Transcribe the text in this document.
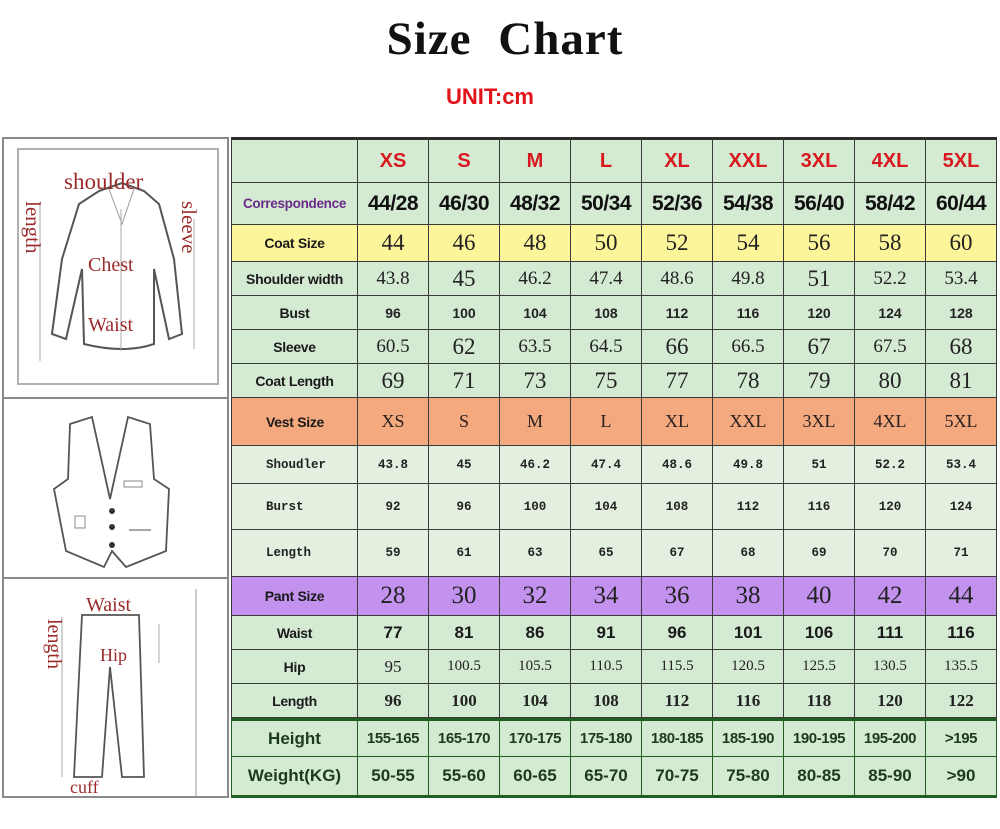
Size Chart
UNIT:cm
shoulder
length	sleeve
Chest
Waist
Waist
length Hip
cuff
XS	S	M	L	XL	XXL	3XL	4XL	5XL
Correspondence	44/28 46/30 48/32 50/34 52/36 54/38 56/40 58/42 60/44
Coat Size	44	46	48	50	52	54	56	58	60
Shoulder width	43.8	45	46.2	47.4	48.6	49.8	51	52.2	53.4
Bust	96	100	104	108	112	116	120	124	128
Sleeve	60.5	62	63.5	64.5	66	66.5	67	67.5	68
Coat Length	69	71	73	75	77	78	79	80	81
Vest Size	XS	S	M	L	XL	XXL	3XL	4XL	5XL
Shoudler	43.8	45	46.2	47.4	48.6	49.8	51	52.2	53.4
Burst	92	96	100	104	108	112	116	120	124
Length	59	61	63	65	67	68	69	70	71
Pant Size	28	30	32	34	36	38	40	42	44
Waist	77	81	86	91	96	101	106	111	116
Hip	95	100.5	105.5	110.5	115.5	120.5	125.5	130.5	135.5
Length	96	100	104	108	112	116	118	120	122
Height	155-165	165-170	170-175	175-180	180-185	185-190	190-195	195-200	>195
Weight(KG)	50-55	55-60	60-65	65-70	70-75	75-80	80-85	85-90	>90
